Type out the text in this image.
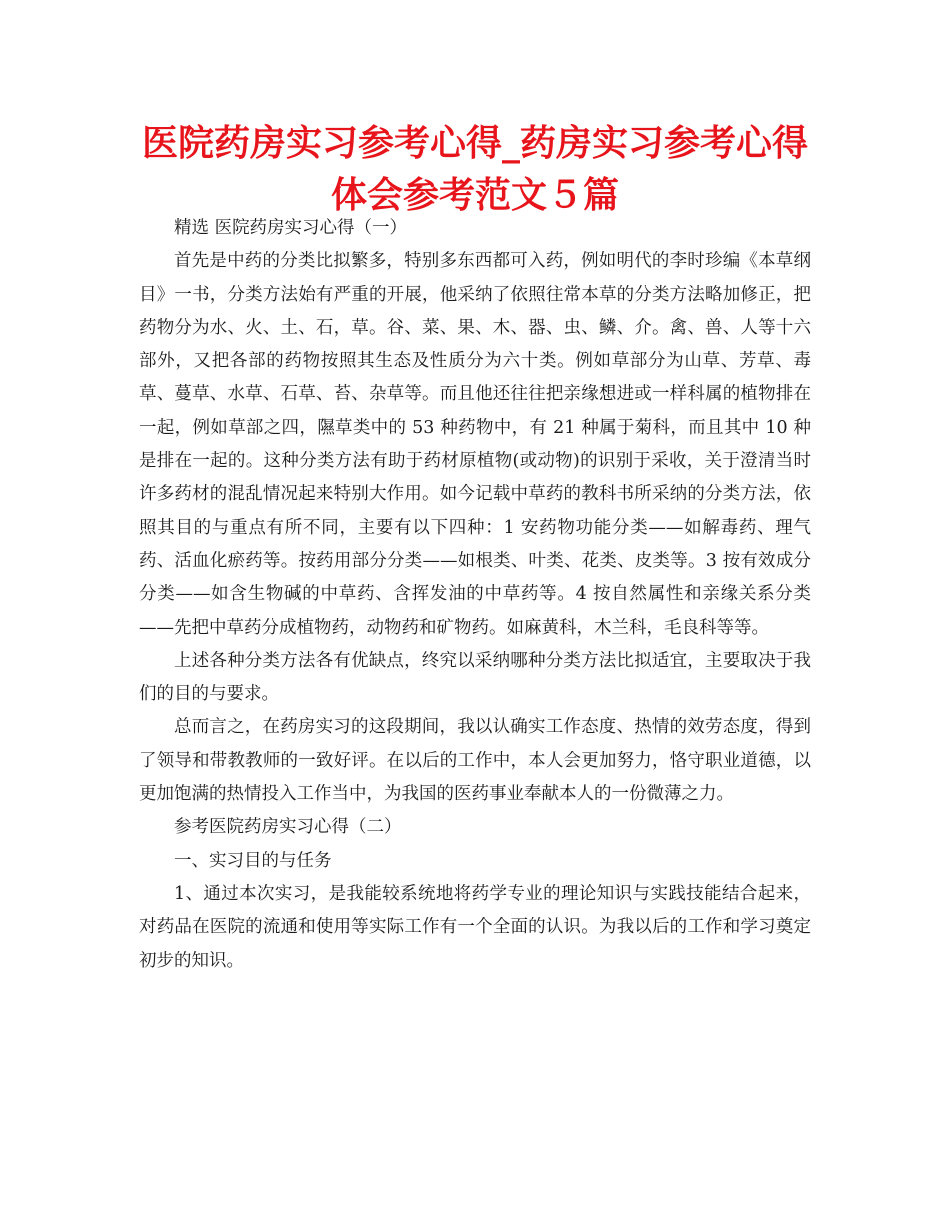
医院药房实习参考心得_药房实习参考心得
体会参考范文５篇

精选 医院药房实习心得（一）

首先是中药的分类比拟繁多，特别多东西都可入药，例如明代的李时珍编《本草纲目》一书，分类方法始有严重的开展，他采纳了依照往常本草的分类方法略加修正，把药物分为水、火、土、石，草。谷、菜、果、木、器、虫、鳞、介。禽、兽、人等十六部外，又把各部的药物按照其生态及性质分为六十类。例如草部分为山草、芳草、毒草、蔓草、水草、石草、苔、杂草等。而且他还往往把亲缘想进或一样科属的植物排在一起，例如草部之四，隰草类中的 53 种药物中，有 21 种属于菊科，而且其中 10 种是排在一起的。这种分类方法有助于药材原植物(或动物)的识别于采收，关于澄清当时许多药材的混乱情况起来特别大作用。如今记载中草药的教科书所采纳的分类方法，依照其目的与重点有所不同，主要有以下四种：1 安药物功能分类——如解毒药、理气药、活血化瘀药等。按药用部分分类——如根类、叶类、花类、皮类等。3 按有效成分分类——如含生物碱的中草药、含挥发油的中草药等。4 按自然属性和亲缘关系分类——先把中草药分成植物药，动物药和矿物药。如麻黄科，木兰科，毛良科等等。

上述各种分类方法各有优缺点，终究以采纳哪种分类方法比拟适宜，主要取决于我们的目的与要求。

总而言之，在药房实习的这段期间，我以认确实工作态度、热情的效劳态度，得到了领导和带教教师的一致好评。在以后的工作中，本人会更加努力，恪守职业道德，以更加饱满的热情投入工作当中，为我国的医药事业奉献本人的一份微薄之力。

参考医院药房实习心得（二）

一、实习目的与任务

1、通过本次实习，是我能较系统地将药学专业的理论知识与实践技能结合起来，对药品在医院的流通和使用等实际工作有一个全面的认识。为我以后的工作和学习奠定初步的知识。
